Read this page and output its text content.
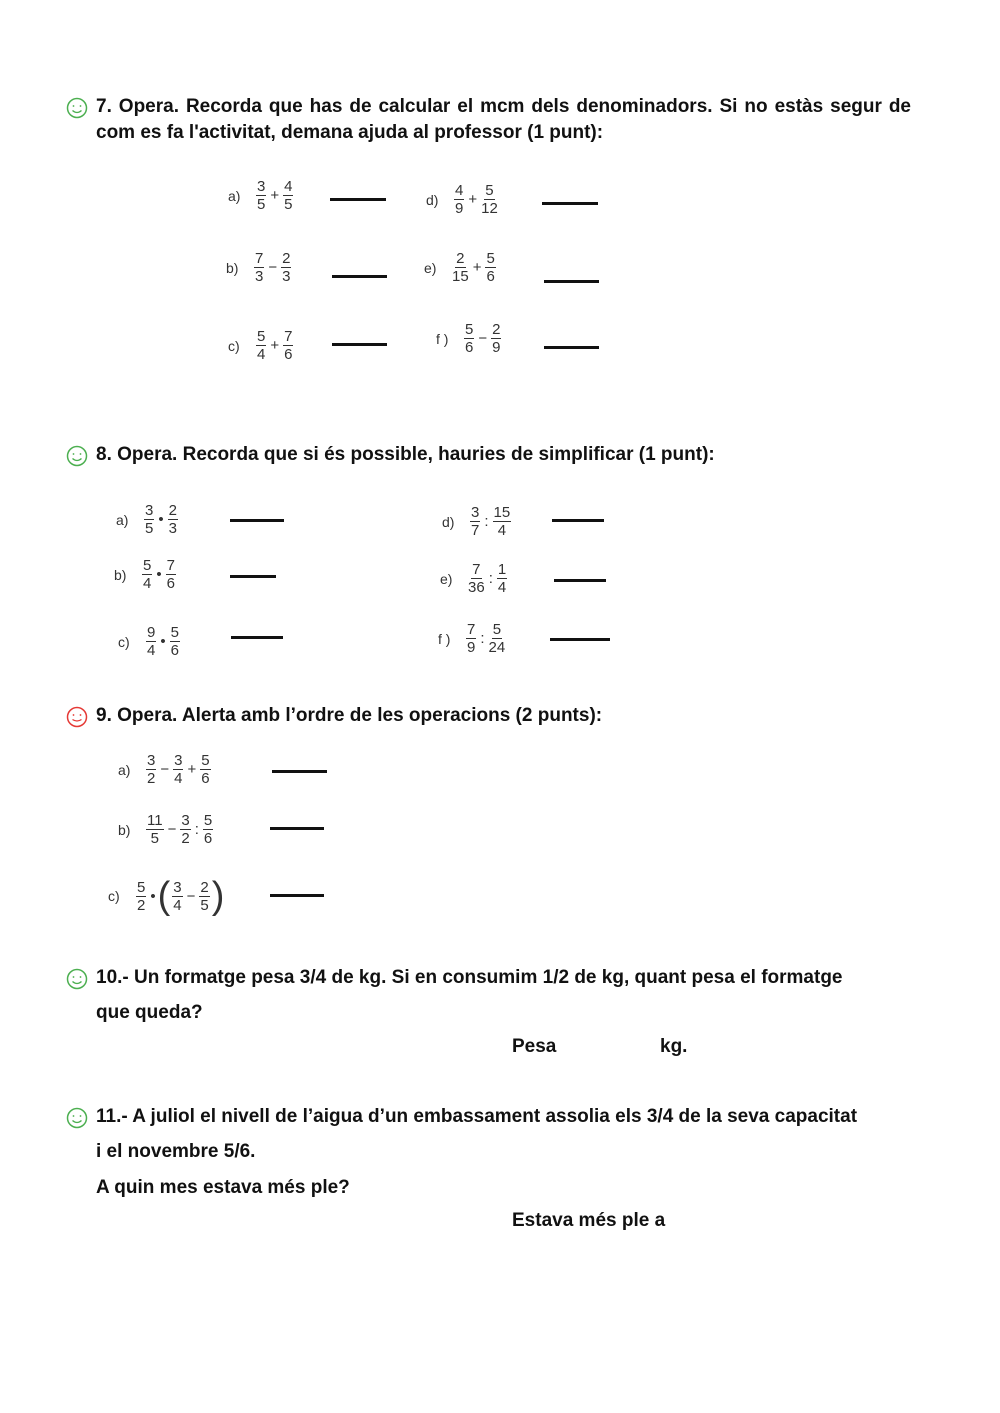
7. Opera. Recorda que has de calcular el mcm dels denominadors. Si no estàs segur de com es fa l'activitat, demana ajuda al professor (1 punt):
a)	$\frac{3}{5} + \frac{4}{5}$
b)	$\frac{7}{3} - \frac{2}{3}$
c)	$\frac{5}{4} + \frac{7}{6}$
d)	$\frac{4}{9} + \frac{5}{12}$
e)	$\frac{2}{15} + \frac{5}{6}$
f )	$\frac{5}{6} - \frac{2}{9}$
8. Opera. Recorda que si és possible, hauries de simplificar (1 punt):
a)	$\frac{3}{5}$ • $\frac{2}{3}$
b)	$\frac{5}{4}$ • $\frac{7}{6}$
c)	$\frac{9}{4}$ • $\frac{5}{6}$
d)	$\frac{3}{7}$ : $\frac{15}{4}$
e)	$\frac{7}{36}$ : $\frac{1}{4}$
f )	$\frac{7}{9}$ : $\frac{5}{24}$
9. Opera. Alerta amb l’ordre de les operacions (2 punts):
a)	$\frac{3}{2} - \frac{3}{4} + \frac{5}{6}$
b)	$\frac{11}{5} - \frac{3}{2}$ : $\frac{5}{6}$
c)	$\frac{5}{2}$ • ( $\frac{3}{4} - \frac{2}{5}$ )
10.- Un formatge pesa 3/4 de kg. Si en consumim 1/2 de kg, quant pesa el formatge
que queda?
Pesa	kg.
11.- A juliol el nivell de l’aigua d’un embassament assolia els 3/4 de la seva capacitat
i el novembre 5/6.
A quin mes estava més ple?
Estava més ple a
